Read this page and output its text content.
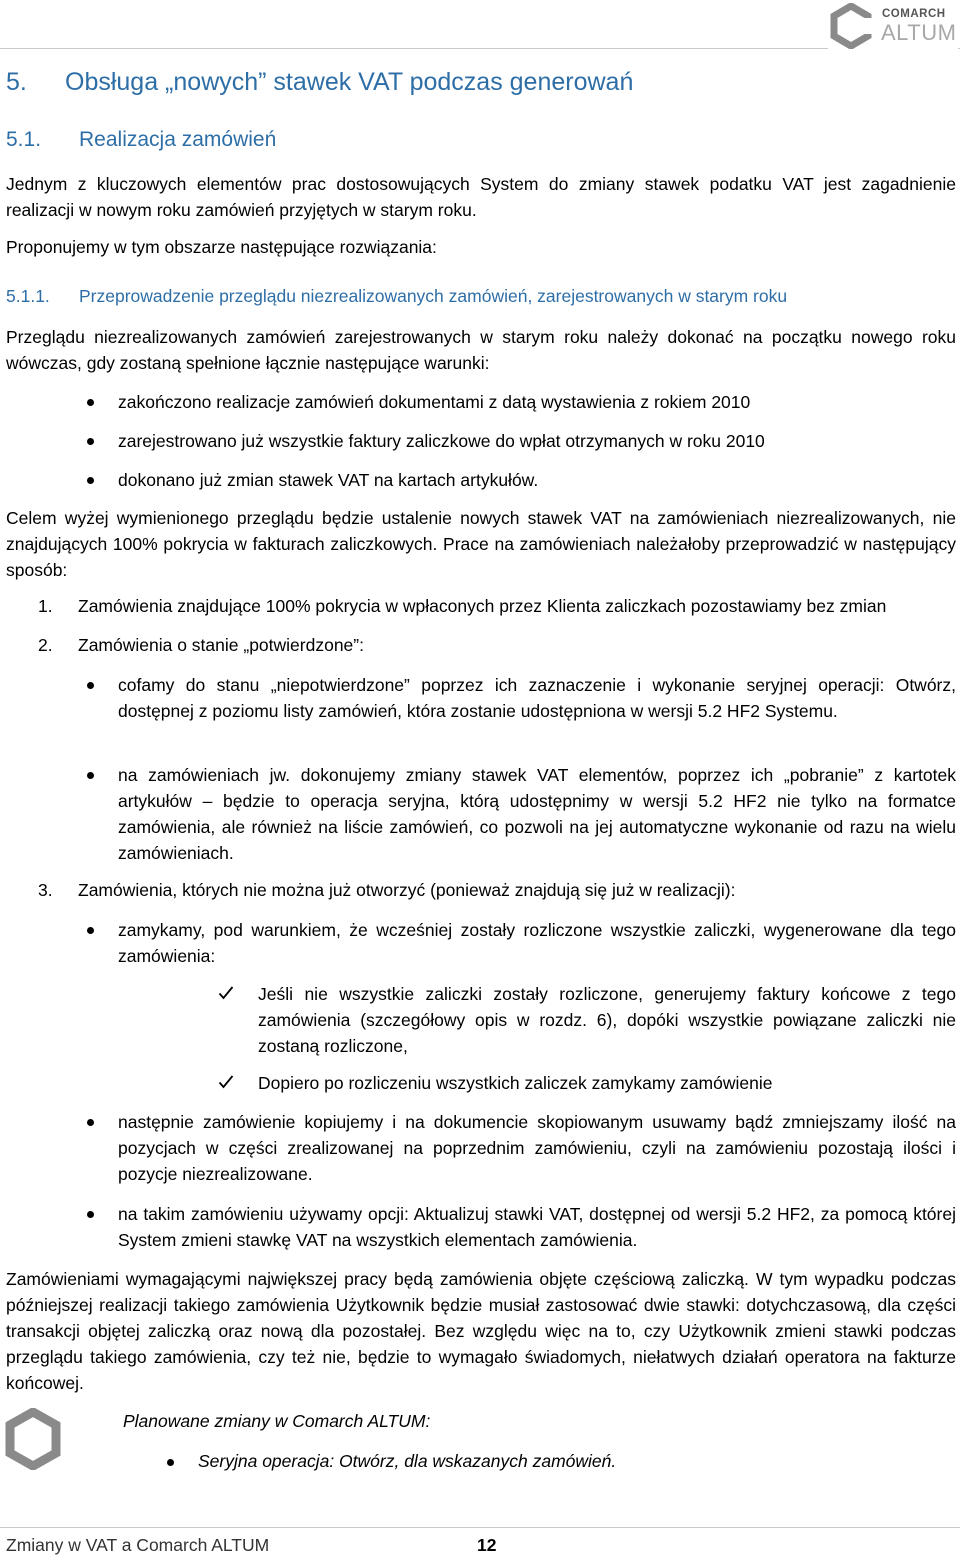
COMARCH
ALTUM
5. Obsługa „nowych” stawek VAT podczas generowań
5.1. Realizacja zamówień
Jednym z kluczowych elementów prac dostosowujących System do zmiany stawek podatku VAT jest zagadnienie realizacji w nowym roku zamówień przyjętych w starym roku.
Proponujemy w tym obszarze następujące rozwiązania:
5.1.1. Przeprowadzenie przeglądu niezrealizowanych zamówień, zarejestrowanych w starym roku
Przeglądu niezrealizowanych zamówień zarejestrowanych w starym roku należy dokonać na początku nowego roku wówczas, gdy zostaną spełnione łącznie następujące warunki:
zakończono realizacje zamówień dokumentami z datą wystawienia z rokiem 2010
zarejestrowano już wszystkie faktury zaliczkowe do wpłat otrzymanych w roku 2010
dokonano już zmian stawek VAT na kartach artykułów.
Celem wyżej wymienionego przeglądu będzie ustalenie nowych stawek VAT na zamówieniach niezrealizowanych, nie znajdujących 100% pokrycia w fakturach zaliczkowych. Prace na zamówieniach należałoby przeprowadzić w następujący sposób:
1. Zamówienia znajdujące 100% pokrycia w wpłaconych przez Klienta zaliczkach pozostawiamy bez zmian
2. Zamówienia o stanie „potwierdzone”:
cofamy do stanu „niepotwierdzone” poprzez ich zaznaczenie i wykonanie seryjnej operacji: Otwórz, dostępnej z poziomu listy zamówień, która zostanie udostępniona w wersji 5.2 HF2 Systemu.
na zamówieniach jw. dokonujemy zmiany stawek VAT elementów, poprzez ich „pobranie” z kartotek artykułów – będzie to operacja seryjna, którą udostępnimy w wersji 5.2 HF2 nie tylko na formatce zamówienia, ale również na liście zamówień, co pozwoli na jej automatyczne wykonanie od razu na wielu zamówieniach.
3. Zamówienia, których nie można już otworzyć (ponieważ znajdują się już w realizacji):
zamykamy, pod warunkiem, że wcześniej zostały rozliczone wszystkie zaliczki, wygenerowane dla tego zamówienia:
Jeśli nie wszystkie zaliczki zostały rozliczone, generujemy faktury końcowe z tego zamówienia (szczegółowy opis w rozdz. 6), dopóki wszystkie powiązane zaliczki nie zostaną rozliczone,
Dopiero po rozliczeniu wszystkich zaliczek zamykamy zamówienie
następnie zamówienie kopiujemy i na dokumencie skopiowanym usuwamy bądź zmniejszamy ilość na pozycjach w części zrealizowanej na poprzednim zamówieniu, czyli na zamówieniu pozostają ilości i pozycje niezrealizowane.
na takim zamówieniu używamy opcji: Aktualizuj stawki VAT, dostępnej od wersji 5.2 HF2, za pomocą której System zmieni stawkę VAT na wszystkich elementach zamówienia.
Zamówieniami wymagającymi największej pracy będą zamówienia objęte częściową zaliczką. W tym wypadku podczas późniejszej realizacji takiego zamówienia Użytkownik będzie musiał zastosować dwie stawki: dotychczasową, dla części transakcji objętej zaliczką oraz nową dla pozostałej. Bez względu więc na to, czy Użytkownik zmieni stawki podczas przeglądu takiego zamówienia, czy też nie, będzie to wymagało świadomych, niełatwych działań operatora na fakturze końcowej.
Planowane zmiany w Comarch ALTUM:
Seryjna operacja: Otwórz, dla wskazanych zamówień.
Zmiany w VAT a Comarch ALTUM	12
